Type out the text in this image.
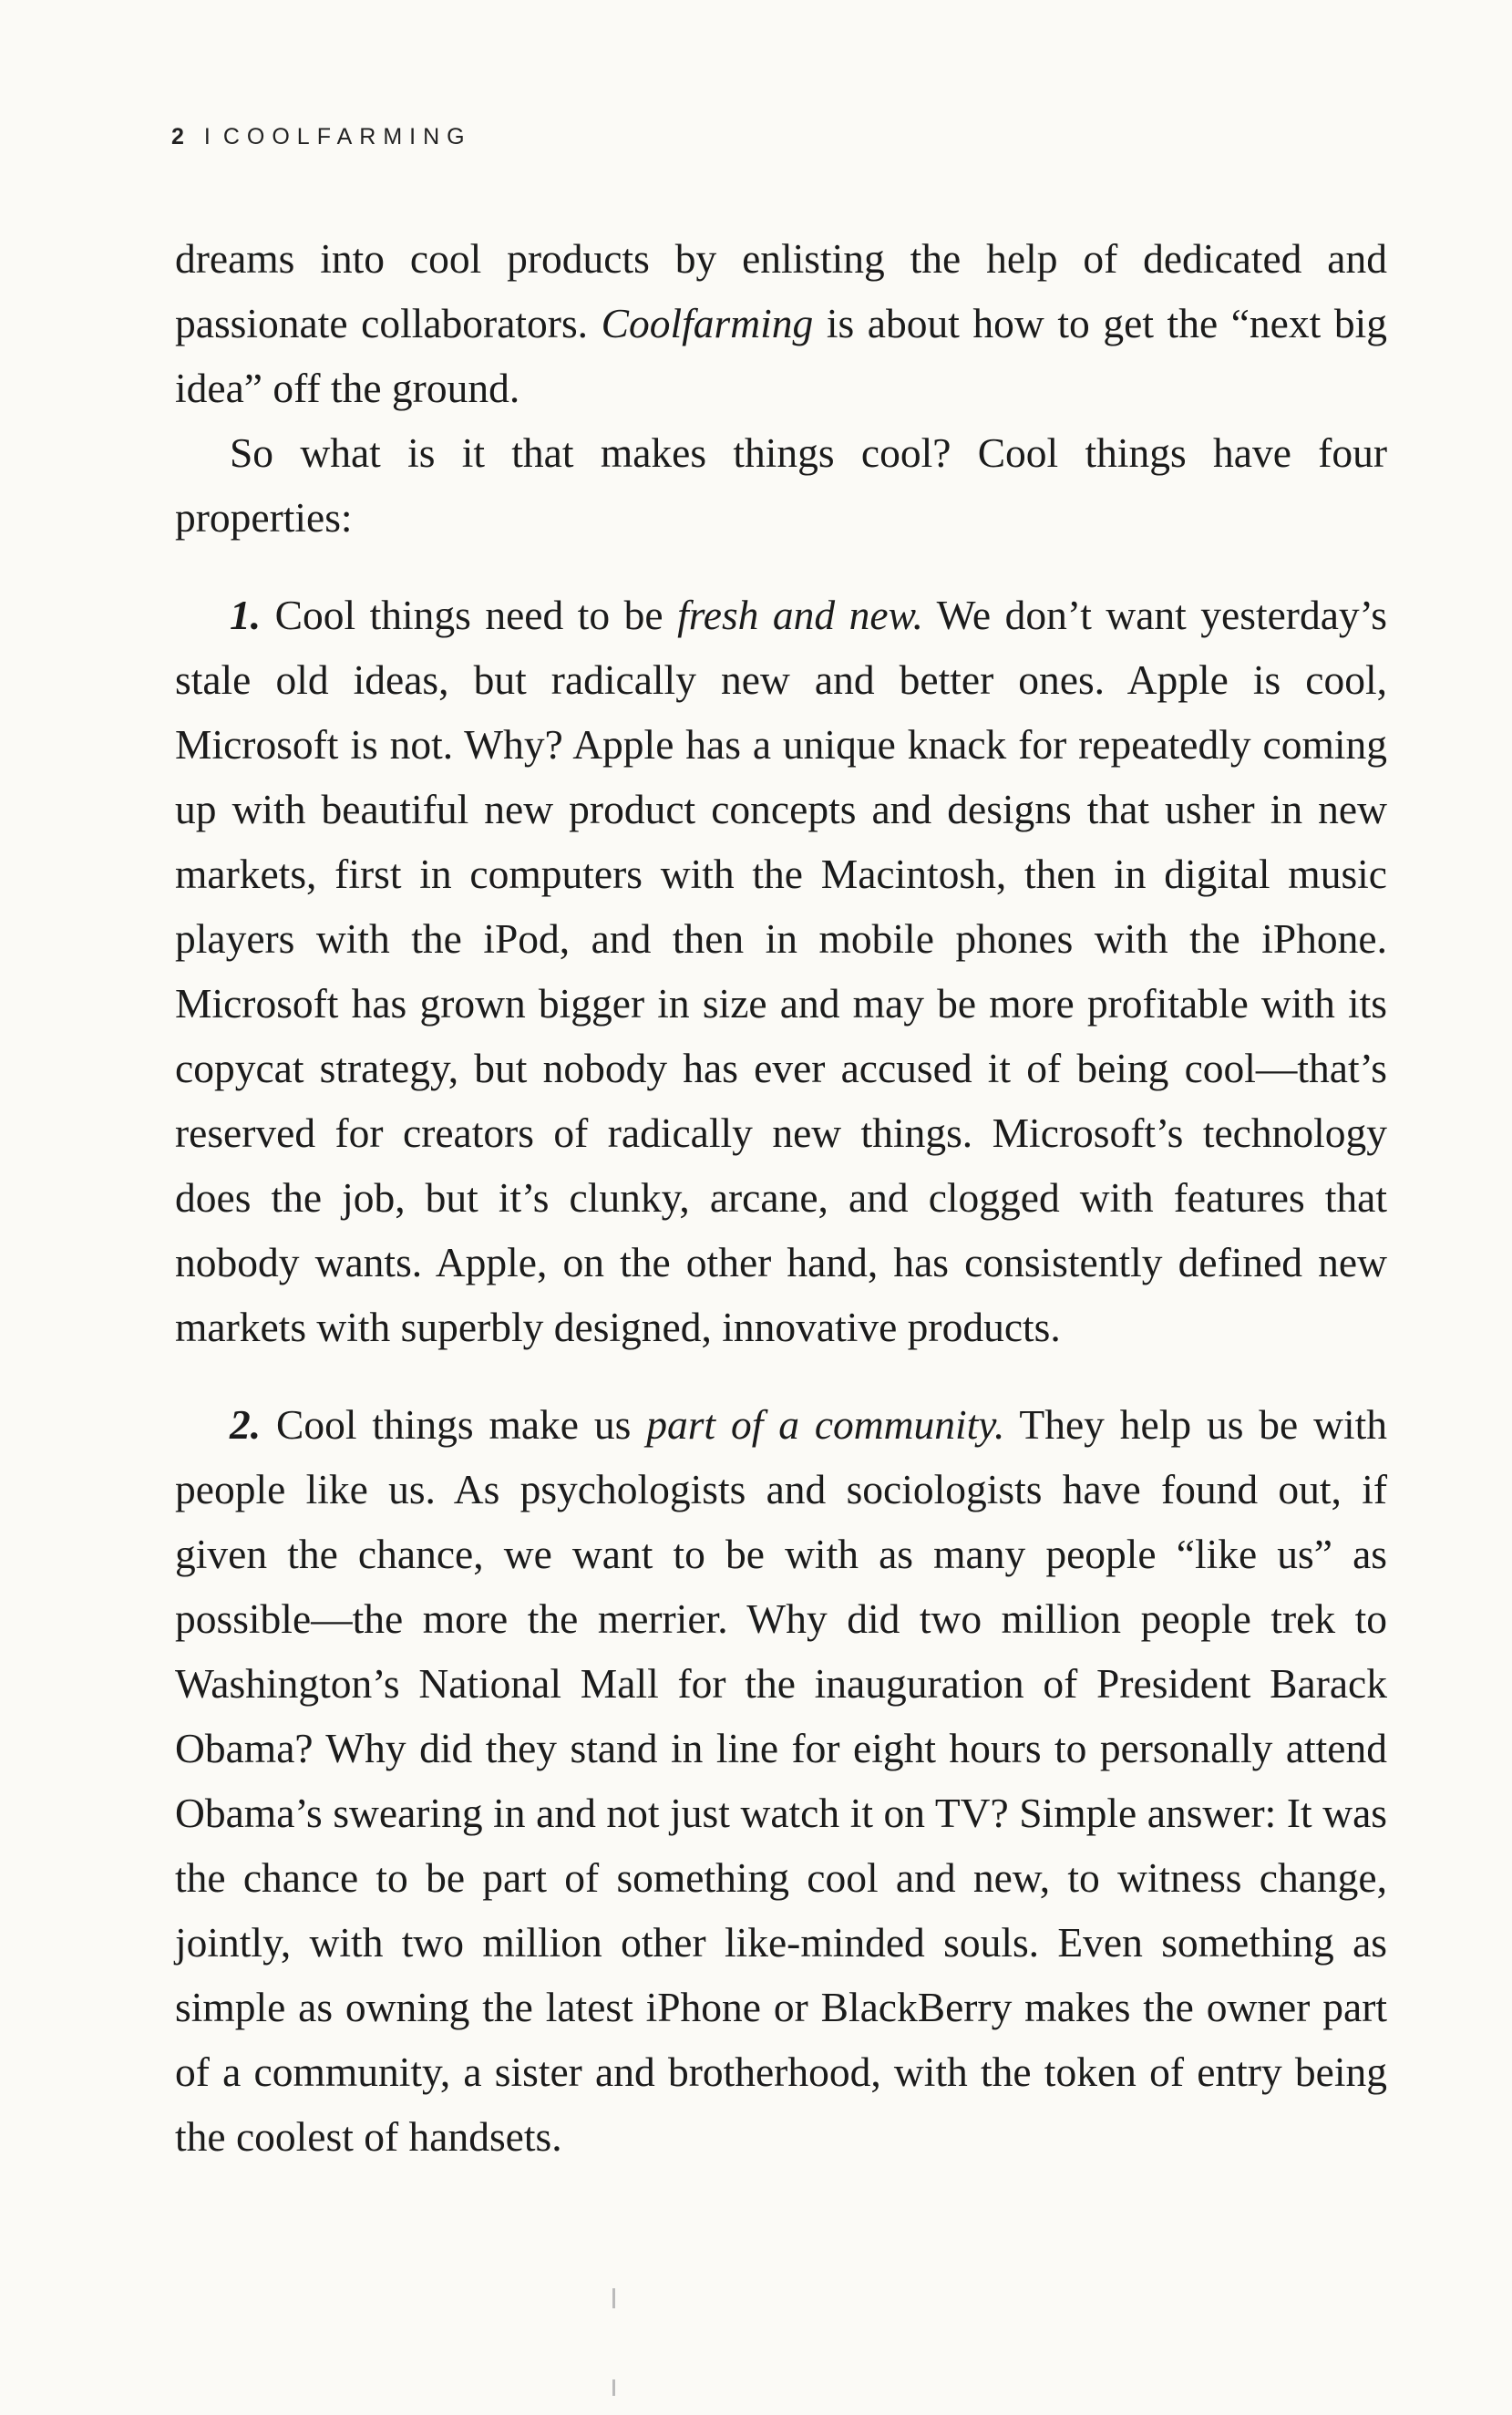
2 I COOLFARMING

dreams into cool products by enlisting the help of dedicated and passionate collaborators. Coolfarming is about how to get the “next big idea” off the ground.

So what is it that makes things cool? Cool things have four properties:

1. Cool things need to be fresh and new. We don’t want yesterday’s stale old ideas, but radically new and better ones. Apple is cool, Microsoft is not. Why? Apple has a unique knack for repeatedly coming up with beautiful new product concepts and designs that usher in new markets, first in computers with the Macintosh, then in digital music players with the iPod, and then in mobile phones with the iPhone. Microsoft has grown bigger in size and may be more profitable with its copycat strategy, but nobody has ever accused it of being cool—that’s reserved for creators of radically new things. Microsoft’s technology does the job, but it’s clunky, arcane, and clogged with features that nobody wants. Apple, on the other hand, has consistently defined new markets with superbly designed, innovative products.

2. Cool things make us part of a community. They help us be with people like us. As psychologists and sociologists have found out, if given the chance, we want to be with as many people “like us” as possible—the more the merrier. Why did two million people trek to Washington’s National Mall for the inauguration of President Barack Obama? Why did they stand in line for eight hours to personally attend Obama’s swearing in and not just watch it on TV? Simple answer: It was the chance to be part of something cool and new, to witness change, jointly, with two million other like-minded souls. Even something as simple as owning the latest iPhone or BlackBerry makes the owner part of a community, a sister and brotherhood, with the token of entry being the coolest of handsets.
